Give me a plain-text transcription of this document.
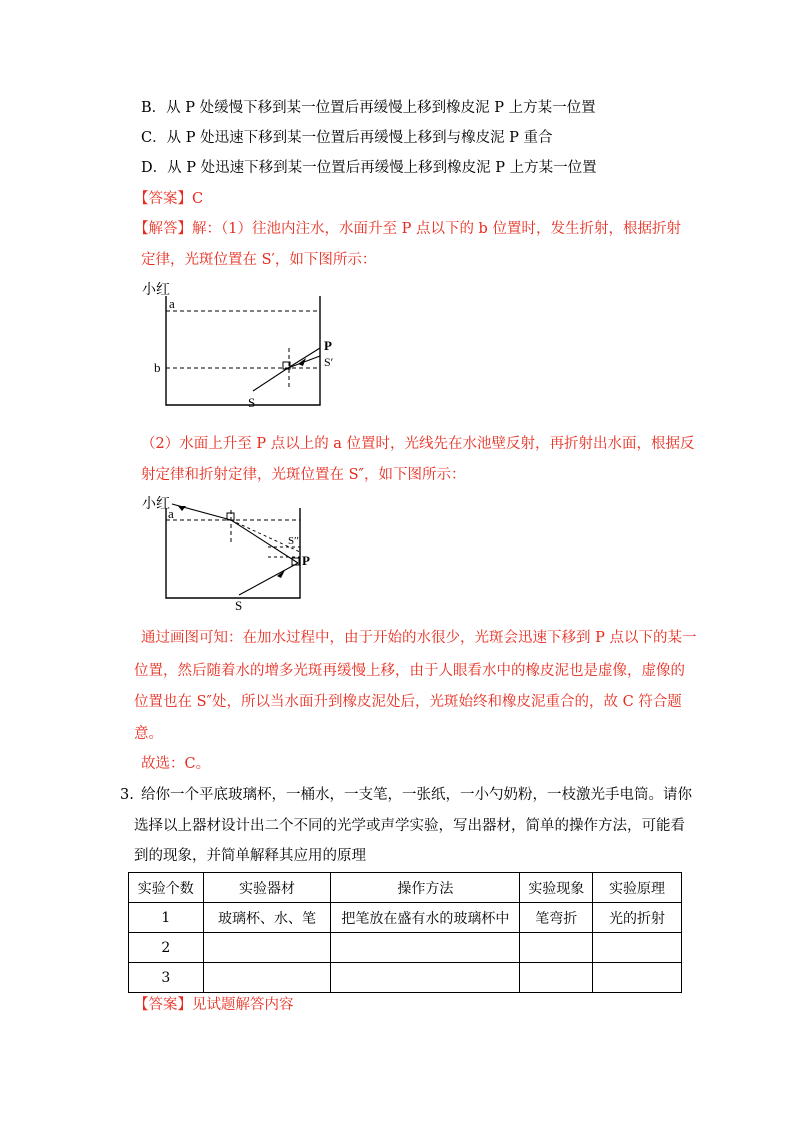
B．从 P 处缓慢下移到某一位置后再缓慢上移到橡皮泥 P 上方某一位置
C．从 P 处迅速下移到某一位置后再缓慢上移到与橡皮泥 P 重合
D．从 P 处迅速下移到某一位置后再缓慢上移到橡皮泥 P 上方某一位置
【答案】C
【解答】解：（1）往池内注水，水面升至 P 点以下的 b 位置时，发生折射，根据折射
定律，光斑位置在 S′，如下图所示：
小红
a
b
P
S′
S
（2）水面上升至 P 点以上的 a 位置时，光线先在水池壁反射，再折射出水面，根据反
射定律和折射定律，光斑位置在 S″，如下图所示：
小红
a
S′′
P
S
通过画图可知：在加水过程中，由于开始的水很少，光斑会迅速下移到 P 点以下的某一
位置，然后随着水的增多光斑再缓慢上移，由于人眼看水中的橡皮泥也是虚像，虚像的
位置也在 S″处，所以当水面升到橡皮泥处后，光斑始终和橡皮泥重合的，故 C 符合题
意。
故选：C。
3. 给你一个平底玻璃杯，一桶水，一支笔，一张纸，一小勺奶粉，一枝激光手电筒。请你
选择以上器材设计出二个不同的光学或声学实验，写出器材，简单的操作方法，可能看
到的现象，并简单解释其应用的原理
实验个数	实验器材	操作方法	实验现象	实验原理
1	玻璃杯、水、笔	把笔放在盛有水的玻璃杯中	笔弯折	光的折射
2				
3				
【答案】见试题解答内容
